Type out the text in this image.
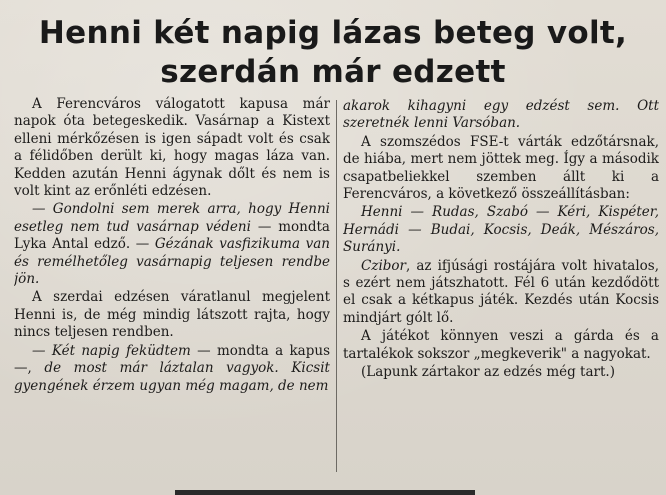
Henni két napig lázas beteg volt,
szerdán már edzett

A Ferencváros válogatott kapusa már napok óta betegeskedik. Vasárnap a Kistext elleni mérkőzésen is igen sápadt volt és csak a félidőben derült ki, hogy magas láza van. Kedden azután Henni ágynak dőlt és nem is volt kint az erőnléti edzésen.

— Gondolni sem merek arra, hogy Henni esetleg nem tud vasárnap védeni — mondta Lyka Antal edző. — Gézának vasfizikuma van és remélhetőleg vasárnapig teljesen rendbe jön.

A szerdai edzésen váratlanul megjelent Henni is, de még mindig látszott rajta, hogy nincs teljesen rendben.

— Két napig feküdtem — mondta a kapus —, de most már láztalan vagyok. Kicsit gyengének érzem ugyan még magam, de nem

akarok kihagyni egy edzést sem. Ott szeretnék lenni Varsóban.

A szomszédos FSE-t várták edzőtársnak, de hiába, mert nem jöttek meg. Így a második csapatbeliekkel szemben állt ki a Ferencváros, a következő összeállításban:

Henni — Rudas, Szabó — Kéri, Kispéter, Hernádi — Budai, Kocsis, Deák, Mészáros, Surányi.

Czibor, az ifjúsági rostájára volt hivatalos, s ezért nem játszhatott. Fél 6 után kezdődött el csak a kétkapus játék. Kezdés után Kocsis mindjárt gólt lő.

A játékot könnyen veszi a gárda és a tartalékok sokszor „megkeverik" a nagyokat.

(Lapunk zártakor az edzés még tart.)
